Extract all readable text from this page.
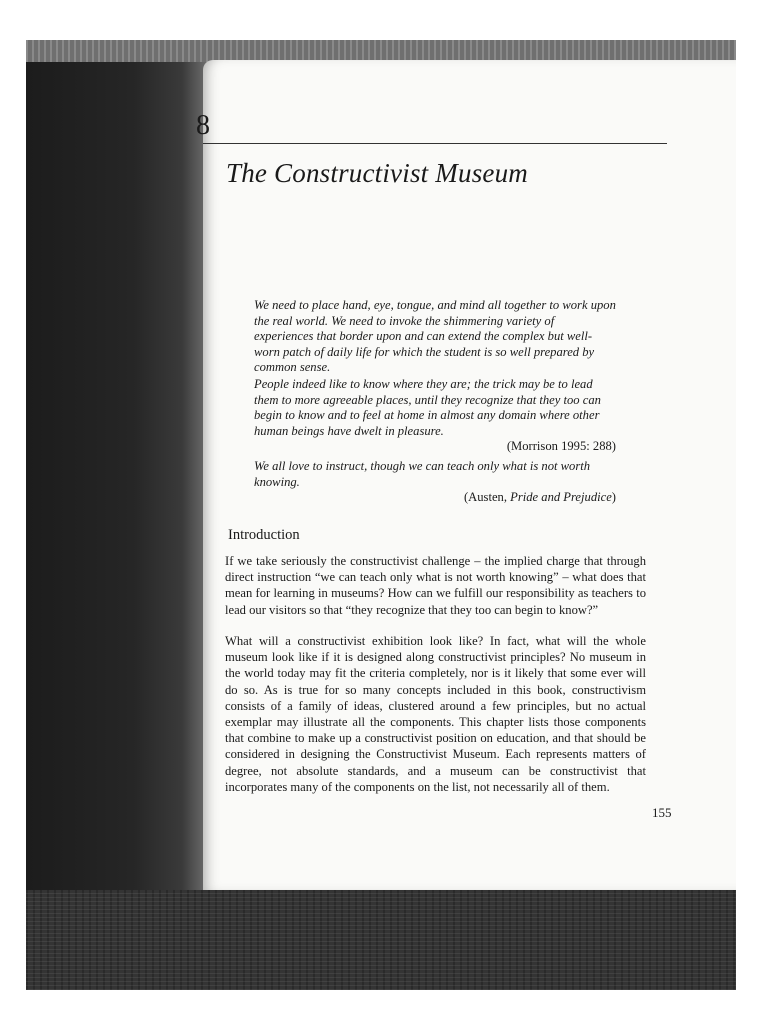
8
The Constructivist Museum

We need to place hand, eye, tongue, and mind all together to work upon the real world. We need to invoke the shimmering variety of experiences that border upon and can extend the complex but well-worn patch of daily life for which the student is so well prepared by common sense.

People indeed like to know where they are; the trick may be to lead them to more agreeable places, until they recognize that they too can begin to know and to feel at home in almost any domain where other human beings have dwelt in pleasure.

(Morrison 1995: 288)

We all love to instruct, though we can teach only what is not worth knowing.

(Austen, Pride and Prejudice)

Introduction

If we take seriously the constructivist challenge – the implied charge that through direct instruction “we can teach only what is not worth knowing” – what does that mean for learning in museums? How can we fulfill our responsibility as teachers to lead our visitors so that “they recognize that they too can begin to know?”

What will a constructivist exhibition look like? In fact, what will the whole museum look like if it is designed along constructivist principles? No museum in the world today may fit the criteria completely, nor is it likely that some ever will do so. As is true for so many concepts included in this book, constructivism consists of a family of ideas, clustered around a few principles, but no actual exemplar may illustrate all the components. This chapter lists those components that combine to make up a constructivist position on education, and that should be considered in designing the Constructivist Museum. Each represents matters of degree, not absolute standards, and a museum can be constructivist that incorporates many of the components on the list, not necessarily all of them.

155
